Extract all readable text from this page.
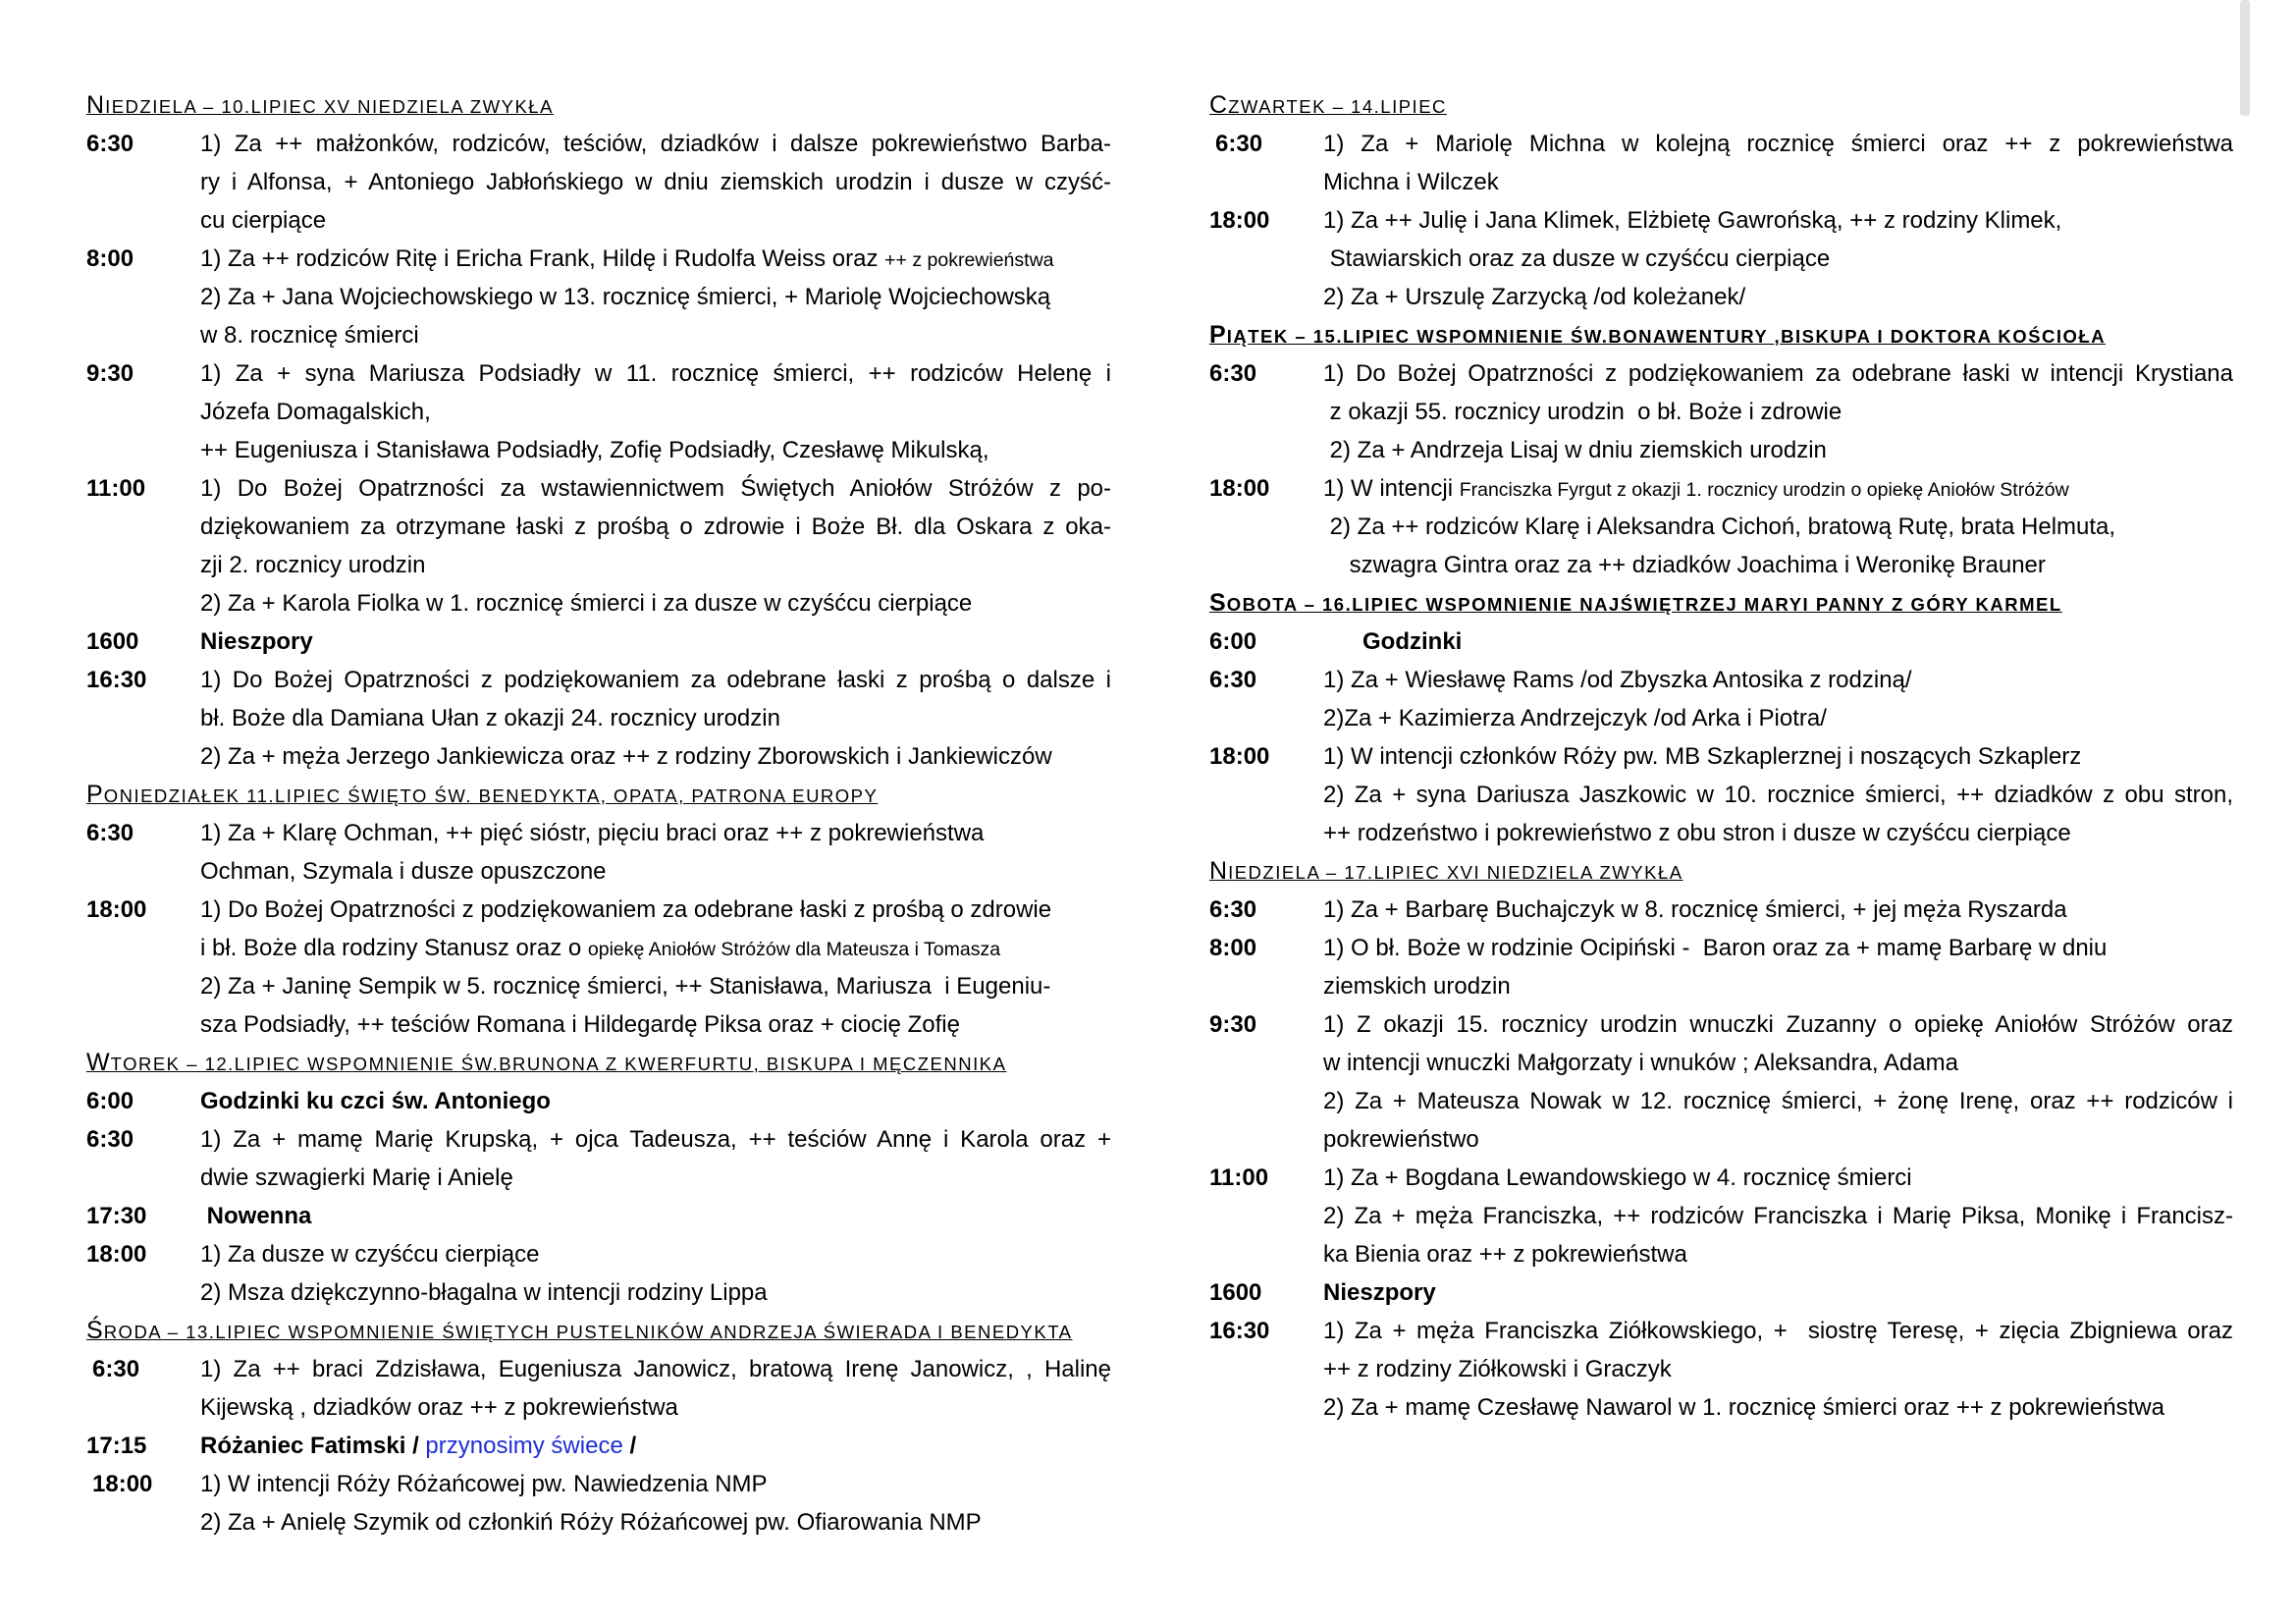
NIEDZIELA – 10.LIPIEC XV NIEDZIELA ZWYKŁA
6:30	1) Za ++ małżonków, rodziców, teściów, dziadków i dalsze pokrewieństwo Barba-
ry i Alfonsa, + Antoniego Jabłońskiego w dniu ziemskich urodzin i dusze w czyść-
cu cierpiące
8:00	1) Za ++ rodziców Ritę i Ericha Frank, Hildę i Rudolfa Weiss oraz ++ z pokrewieństwa
2) Za + Jana Wojciechowskiego w 13. rocznicę śmierci, + Mariolę Wojciechowską
w 8. rocznicę śmierci
9:30	1) Za + syna Mariusza Podsiadły w 11. rocznicę śmierci, ++ rodziców Helenę i
Józefa Domagalskich,
++ Eugeniusza i Stanisława Podsiadły, Zofię Podsiadły, Czesławę Mikulską,
11:00	1) Do Bożej Opatrzności za wstawiennictwem Świętych Aniołów Stróżów z po-
dziękowaniem za otrzymane łaski z prośbą o zdrowie i Boże Bł. dla Oskara z oka-
zji 2. rocznicy urodzin
2) Za + Karola Fiolka w 1. rocznicę śmierci i za dusze w czyśćcu cierpiące
1600	Nieszpory
16:30	1) Do Bożej Opatrzności z podziękowaniem za odebrane łaski z prośbą o dalsze i
bł. Boże dla Damiana Ułan z okazji 24. rocznicy urodzin
2) Za + męża Jerzego Jankiewicza oraz ++ z rodziny Zborowskich i Jankiewiczów
PONIEDZIAŁEK 11.LIPIEC ŚWIĘTO ŚW. BENEDYKTA, OPATA, PATRONA EUROPY
6:30	1) Za + Klarę Ochman, ++ pięć sióstr, pięciu braci oraz ++ z pokrewieństwa
Ochman, Szymala i dusze opuszczone
18:00	1) Do Bożej Opatrzności z podziękowaniem za odebrane łaski z prośbą o zdrowie
i bł. Boże dla rodziny Stanusz oraz o opiekę Aniołów Stróżów dla Mateusza i Tomasza
2) Za + Janinę Sempik w 5. rocznicę śmierci, ++ Stanisława, Mariusza  i Eugeniu-
sza Podsiadły, ++ teściów Romana i Hildegardę Piksa oraz + ciocię Zofię
WTOREK – 12.LIPIEC WSPOMNIENIE ŚW.BRUNONA Z KWERFURTU, BISKUPA I MĘCZENNIKA
6:00	Godzinki ku czci św. Antoniego
6:30	1) Za + mamę Marię Krupską, + ojca Tadeusza, ++ teściów Annę i Karola oraz +
dwie szwagierki Marię i Anielę
17:30	Nowenna
18:00	1) Za dusze w czyśćcu cierpiące
2) Msza dziękczynno-błagalna w intencji rodziny Lippa
ŚRODA – 13.LIPIEC WSPOMNIENIE ŚWIĘTYCH PUSTELNIKÓW ANDRZEJA ŚWIERADA I BENEDYKTA
6:30	1) Za ++ braci Zdzisława, Eugeniusza Janowicz, bratową Irenę Janowicz, , Halinę
Kijewską , dziadków oraz ++ z pokrewieństwa
17:15	Różaniec Fatimski / przynosimy świece /
18:00	1) W intencji Róży Różańcowej pw. Nawiedzenia NMP
2) Za + Anielę Szymik od członkiń Róży Różańcowej pw. Ofiarowania NMP
CZWARTEK – 14.LIPIEC
6:30	1) Za + Mariolę Michna w kolejną rocznicę śmierci oraz ++ z pokrewieństwa
Michna i Wilczek
18:00	1) Za ++ Julię i Jana Klimek, Elżbietę Gawrońską, ++ z rodziny Klimek,
Stawiarskich oraz za dusze w czyśćcu cierpiące
2) Za + Urszulę Zarzycką /od koleżanek/
PIĄTEK – 15.LIPIEC WSPOMNIENIE ŚW.BONAWENTURY ,BISKUPA I DOKTORA KOŚCIOŁA
6:30	1) Do Bożej Opatrzności z podziękowaniem za odebrane łaski w intencji Krystiana
z okazji 55. rocznicy urodzin  o bł. Boże i zdrowie
2) Za + Andrzeja Lisaj w dniu ziemskich urodzin
18:00	1) W intencji Franciszka Fyrgut z okazji 1. rocznicy urodzin o opiekę Aniołów Stróżów
2) Za ++ rodziców Klarę i Aleksandra Cichoń, bratową Rutę, brata Helmuta,
szwagra Gintra oraz za ++ dziadków Joachima i Weronikę Brauner
SOBOTA – 16.LIPIEC WSPOMNIENIE NAJŚWIĘTRZEJ MARYI PANNY Z GÓRY KARMEL
6:00	Godzinki
6:30	1) Za + Wiesławę Rams /od Zbyszka Antosika z rodziną/
2)Za + Kazimierza Andrzejczyk /od Arka i Piotra/
18:00	1) W intencji członków Róży pw. MB Szkaplerznej i noszących Szkaplerz
2) Za + syna Dariusza Jaszkowic w 10. rocznice śmierci, ++ dziadków z obu stron,
++ rodzeństwo i pokrewieństwo z obu stron i dusze w czyśćcu cierpiące
NIEDZIELA – 17.LIPIEC XVI NIEDZIELA ZWYKŁA
6:30	1) Za + Barbarę Buchajczyk w 8. rocznicę śmierci, + jej męża Ryszarda
8:00	1) O bł. Boże w rodzinie Ocipiński -  Baron oraz za + mamę Barbarę w dniu
ziemskich urodzin
9:30	1) Z okazji 15. rocznicy urodzin wnuczki Zuzanny o opiekę Aniołów Stróżów oraz
w intencji wnuczki Małgorzaty i wnuków ; Aleksandra, Adama
2) Za + Mateusza Nowak w 12. rocznicę śmierci, + żonę Irenę, oraz ++ rodziców i
pokrewieństwo
11:00	1) Za + Bogdana Lewandowskiego w 4. rocznicę śmierci
2) Za + męża Franciszka, ++ rodziców Franciszka i Marię Piksa, Monikę i Francisz-
ka Bienia oraz ++ z pokrewieństwa
1600	Nieszpory
16:30	1) Za + męża Franciszka Ziółkowskiego, +  siostrę Teresę, + zięcia Zbigniewa oraz
++ z rodziny Ziółkowski i Graczyk
2) Za + mamę Czesławę Nawarol w 1. rocznicę śmierci oraz ++ z pokrewieństwa
